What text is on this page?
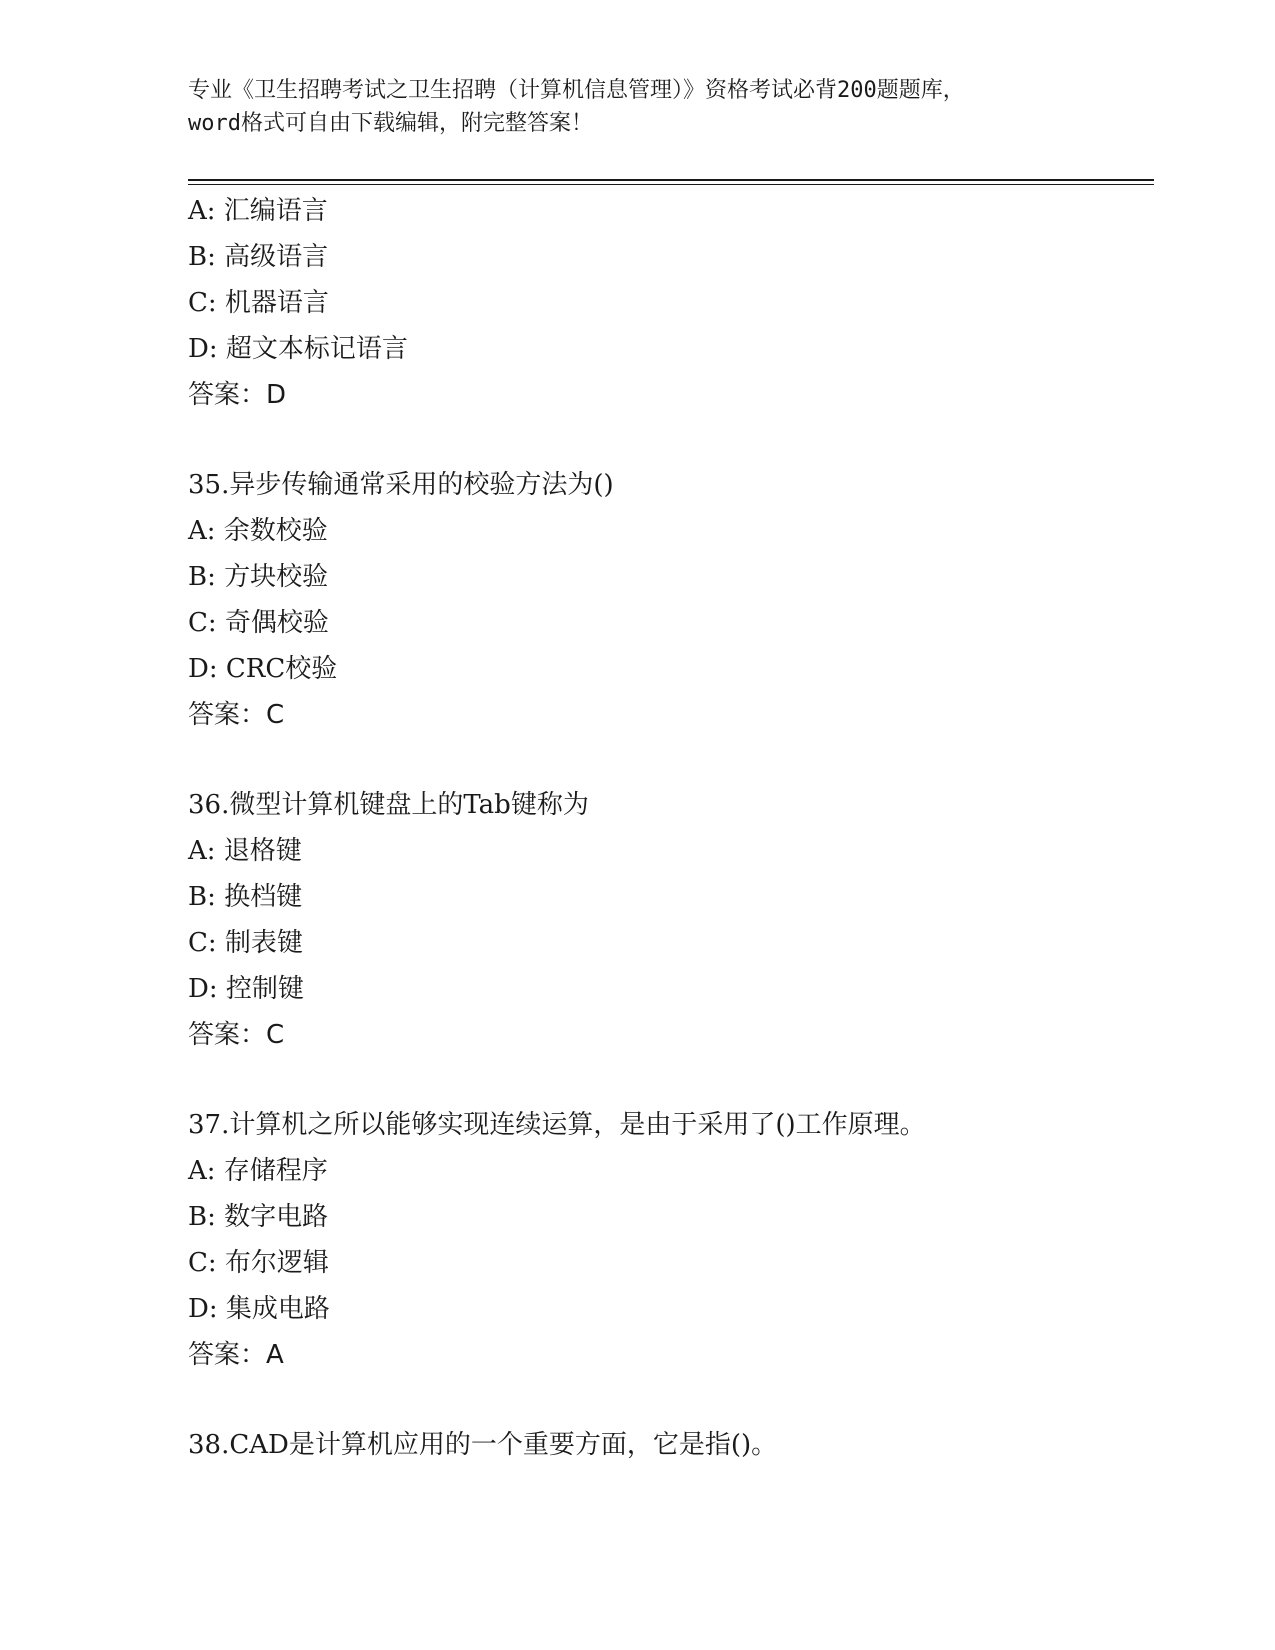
专业《卫生招聘考试之卫生招聘（计算机信息管理）》资格考试必背200题题库，
word格式可自由下载编辑，附完整答案！
A: 汇编语言
B: 高级语言
C: 机器语言
D: 超文本标记语言
答案：D
35.异步传输通常采用的校验方法为()
A: 余数校验
B: 方块校验
C: 奇偶校验
D: CRC校验
答案：C
36.微型计算机键盘上的Tab键称为
A: 退格键
B: 换档键
C: 制表键
D: 控制键
答案：C
37.计算机之所以能够实现连续运算，是由于采用了()工作原理。
A: 存储程序
B: 数字电路
C: 布尔逻辑
D: 集成电路
答案：A
38.CAD是计算机应用的一个重要方面，它是指()。
